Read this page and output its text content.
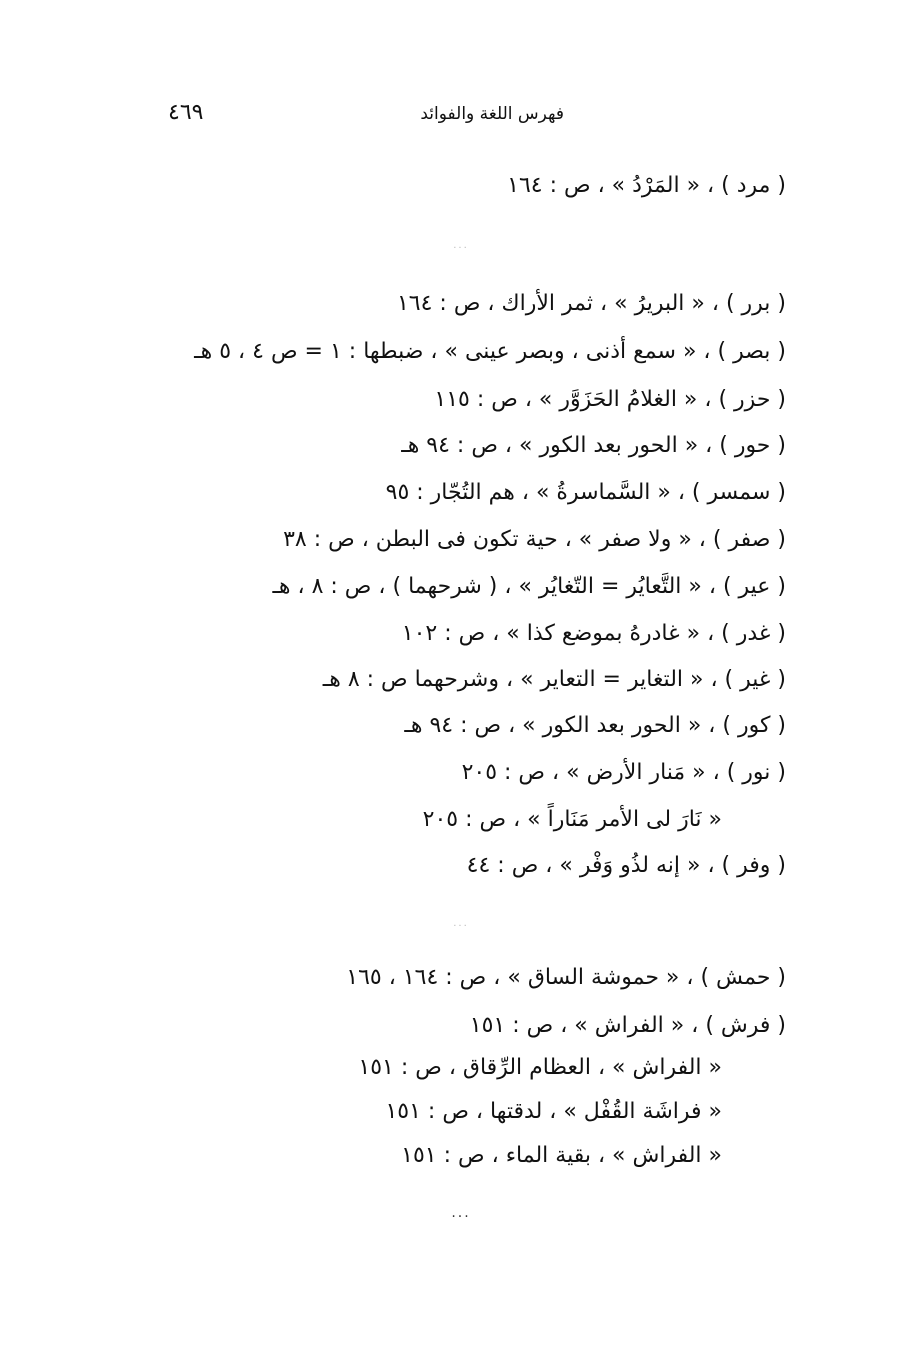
٤٦٩	فهرس اللغة والفوائد
( مرد ) ، « المَرْدُ » ، ص : ١٦٤
...
( برر ) ، « البريرُ » ، ثمر الأراك ، ص : ١٦٤
( بصر ) ، « سمع أذنى ، وبصر عينى » ، ضبطها : ١ = ص ٤ ، ٥ هـ
( حزر ) ، « الغلامُ الحَزَوَّر » ، ص : ١١٥
( حور ) ، « الحور بعد الكور » ، ص : ٩٤ هـ
( سمسر ) ، « السَّماسرةُ » ، هم التُجّار : ٩٥
( صفر ) ، « ولا صفر » ، حية تكون فى البطن ، ص : ٣٨
( عير ) ، « التَّعايُر = التّغايُر » ، ( شرحهما ) ، ص : ٨ ، هـ
( غدر ) ، « غادرهُ بموضع كذا » ، ص : ١٠٢
( غير ) ، « التغاير = التعاير » ، وشرحهما ص : ٨ هـ
( كور ) ، « الحور بعد الكور » ، ص : ٩٤ هـ
( نور ) ، « مَنار الأرض » ، ص : ٢٠٥
« نَارَ لى الأمر مَنَاراً » ، ص : ٢٠٥
( وفر ) ، « إنه لذُو وَفْر » ، ص : ٤٤
...
( حمش ) ، « حموشة الساق » ، ص : ١٦٤ ، ١٦٥
( فرش ) ، « الفراش » ، ص : ١٥١
« الفراش » ، العظام الرِّقاق ، ص : ١٥١
« فراشَة القُفْل » ، لدقتها ، ص : ١٥١
« الفراش » ، بقية الماء ، ص : ١٥١
...
